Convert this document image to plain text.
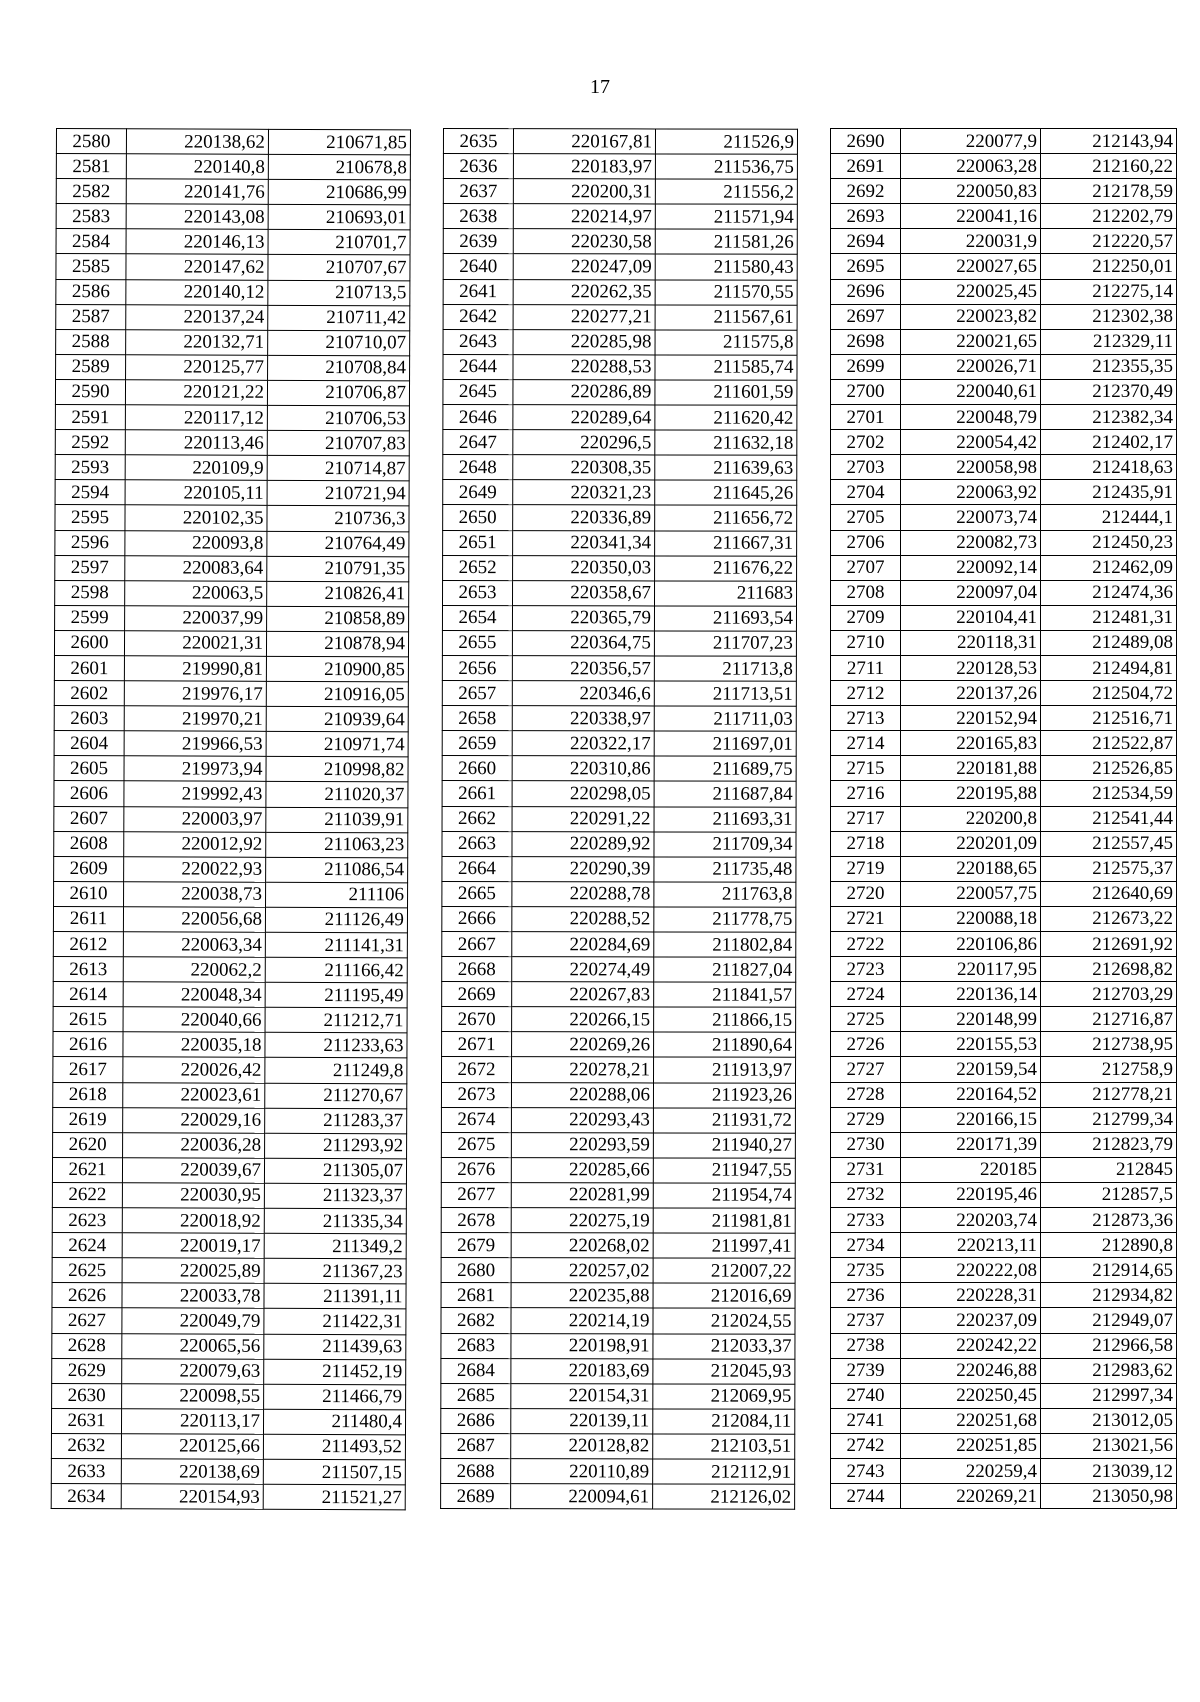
17
2580	220138,62	210671,85
2581	220140,8	210678,8
2582	220141,76	210686,99
2583	220143,08	210693,01
2584	220146,13	210701,7
2585	220147,62	210707,67
2586	220140,12	210713,5
2587	220137,24	210711,42
2588	220132,71	210710,07
2589	220125,77	210708,84
2590	220121,22	210706,87
2591	220117,12	210706,53
2592	220113,46	210707,83
2593	220109,9	210714,87
2594	220105,11	210721,94
2595	220102,35	210736,3
2596	220093,8	210764,49
2597	220083,64	210791,35
2598	220063,5	210826,41
2599	220037,99	210858,89
2600	220021,31	210878,94
2601	219990,81	210900,85
2602	219976,17	210916,05
2603	219970,21	210939,64
2604	219966,53	210971,74
2605	219973,94	210998,82
2606	219992,43	211020,37
2607	220003,97	211039,91
2608	220012,92	211063,23
2609	220022,93	211086,54
2610	220038,73	211106
2611	220056,68	211126,49
2612	220063,34	211141,31
2613	220062,2	211166,42
2614	220048,34	211195,49
2615	220040,66	211212,71
2616	220035,18	211233,63
2617	220026,42	211249,8
2618	220023,61	211270,67
2619	220029,16	211283,37
2620	220036,28	211293,92
2621	220039,67	211305,07
2622	220030,95	211323,37
2623	220018,92	211335,34
2624	220019,17	211349,2
2625	220025,89	211367,23
2626	220033,78	211391,11
2627	220049,79	211422,31
2628	220065,56	211439,63
2629	220079,63	211452,19
2630	220098,55	211466,79
2631	220113,17	211480,4
2632	220125,66	211493,52
2633	220138,69	211507,15
2634	220154,93	211521,27
2635	220167,81	211526,9
2636	220183,97	211536,75
2637	220200,31	211556,2
2638	220214,97	211571,94
2639	220230,58	211581,26
2640	220247,09	211580,43
2641	220262,35	211570,55
2642	220277,21	211567,61
2643	220285,98	211575,8
2644	220288,53	211585,74
2645	220286,89	211601,59
2646	220289,64	211620,42
2647	220296,5	211632,18
2648	220308,35	211639,63
2649	220321,23	211645,26
2650	220336,89	211656,72
2651	220341,34	211667,31
2652	220350,03	211676,22
2653	220358,67	211683
2654	220365,79	211693,54
2655	220364,75	211707,23
2656	220356,57	211713,8
2657	220346,6	211713,51
2658	220338,97	211711,03
2659	220322,17	211697,01
2660	220310,86	211689,75
2661	220298,05	211687,84
2662	220291,22	211693,31
2663	220289,92	211709,34
2664	220290,39	211735,48
2665	220288,78	211763,8
2666	220288,52	211778,75
2667	220284,69	211802,84
2668	220274,49	211827,04
2669	220267,83	211841,57
2670	220266,15	211866,15
2671	220269,26	211890,64
2672	220278,21	211913,97
2673	220288,06	211923,26
2674	220293,43	211931,72
2675	220293,59	211940,27
2676	220285,66	211947,55
2677	220281,99	211954,74
2678	220275,19	211981,81
2679	220268,02	211997,41
2680	220257,02	212007,22
2681	220235,88	212016,69
2682	220214,19	212024,55
2683	220198,91	212033,37
2684	220183,69	212045,93
2685	220154,31	212069,95
2686	220139,11	212084,11
2687	220128,82	212103,51
2688	220110,89	212112,91
2689	220094,61	212126,02
2690	220077,9	212143,94
2691	220063,28	212160,22
2692	220050,83	212178,59
2693	220041,16	212202,79
2694	220031,9	212220,57
2695	220027,65	212250,01
2696	220025,45	212275,14
2697	220023,82	212302,38
2698	220021,65	212329,11
2699	220026,71	212355,35
2700	220040,61	212370,49
2701	220048,79	212382,34
2702	220054,42	212402,17
2703	220058,98	212418,63
2704	220063,92	212435,91
2705	220073,74	212444,1
2706	220082,73	212450,23
2707	220092,14	212462,09
2708	220097,04	212474,36
2709	220104,41	212481,31
2710	220118,31	212489,08
2711	220128,53	212494,81
2712	220137,26	212504,72
2713	220152,94	212516,71
2714	220165,83	212522,87
2715	220181,88	212526,85
2716	220195,88	212534,59
2717	220200,8	212541,44
2718	220201,09	212557,45
2719	220188,65	212575,37
2720	220057,75	212640,69
2721	220088,18	212673,22
2722	220106,86	212691,92
2723	220117,95	212698,82
2724	220136,14	212703,29
2725	220148,99	212716,87
2726	220155,53	212738,95
2727	220159,54	212758,9
2728	220164,52	212778,21
2729	220166,15	212799,34
2730	220171,39	212823,79
2731	220185	212845
2732	220195,46	212857,5
2733	220203,74	212873,36
2734	220213,11	212890,8
2735	220222,08	212914,65
2736	220228,31	212934,82
2737	220237,09	212949,07
2738	220242,22	212966,58
2739	220246,88	212983,62
2740	220250,45	212997,34
2741	220251,68	213012,05
2742	220251,85	213021,56
2743	220259,4	213039,12
2744	220269,21	213050,98
